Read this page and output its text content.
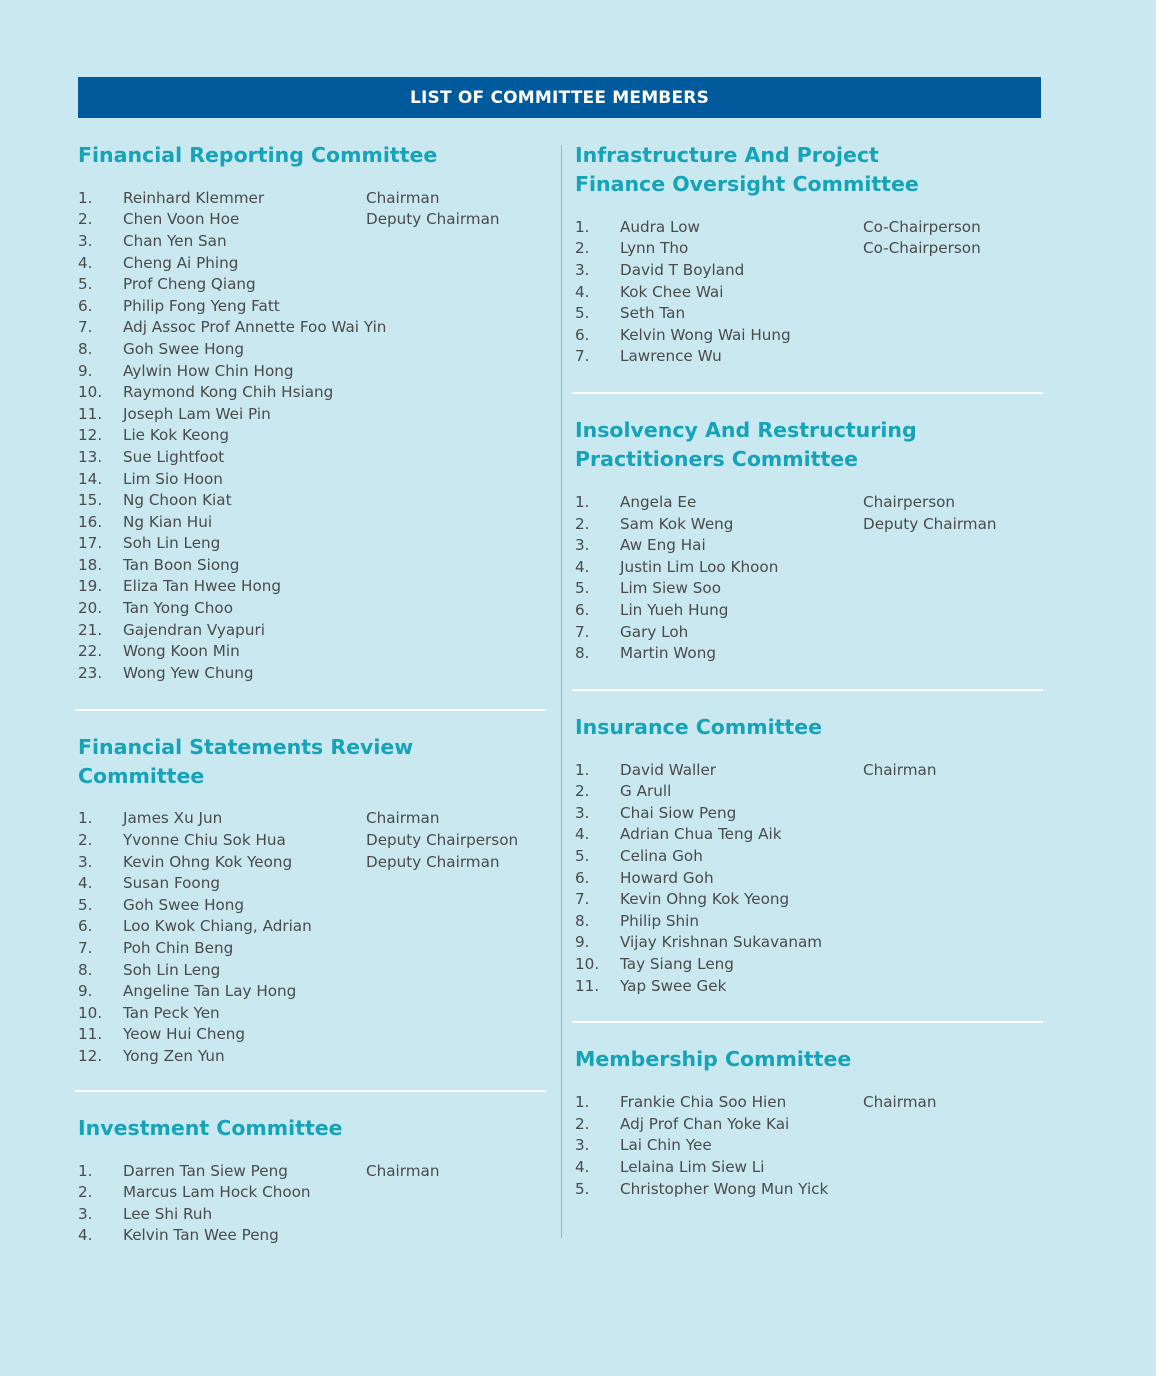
LIST OF COMMITTEE MEMBERS
Financial Reporting Committee
1.	Reinhard Klemmer	Chairman
2.	Chen Voon Hoe	Deputy Chairman
3.	Chan Yen San
4.	Cheng Ai Phing
5.	Prof Cheng Qiang
6.	Philip Fong Yeng Fatt
7.	Adj Assoc Prof Annette Foo Wai Yin
8.	Goh Swee Hong
9.	Aylwin How Chin Hong
10.	Raymond Kong Chih Hsiang
11.	Joseph Lam Wei Pin
12.	Lie Kok Keong
13.	Sue Lightfoot
14.	Lim Sio Hoon
15.	Ng Choon Kiat
16.	Ng Kian Hui
17.	Soh Lin Leng
18.	Tan Boon Siong
19.	Eliza Tan Hwee Hong
20.	Tan Yong Choo
21.	Gajendran Vyapuri
22.	Wong Koon Min
23.	Wong Yew Chung
Financial Statements Review Committee
1.	James Xu Jun	Chairman
2.	Yvonne Chiu Sok Hua	Deputy Chairperson
3.	Kevin Ohng Kok Yeong	Deputy Chairman
4.	Susan Foong
5.	Goh Swee Hong
6.	Loo Kwok Chiang, Adrian
7.	Poh Chin Beng
8.	Soh Lin Leng
9.	Angeline Tan Lay Hong
10.	Tan Peck Yen
11.	Yeow Hui Cheng
12.	Yong Zen Yun
Investment Committee
1.	Darren Tan Siew Peng	Chairman
2.	Marcus Lam Hock Choon
3.	Lee Shi Ruh
4.	Kelvin Tan Wee Peng
Infrastructure And Project Finance Oversight Committee
1.	Audra Low	Co-Chairperson
2.	Lynn Tho	Co-Chairperson
3.	David T Boyland
4.	Kok Chee Wai
5.	Seth Tan
6.	Kelvin Wong Wai Hung
7.	Lawrence Wu
Insolvency And Restructuring Practitioners Committee
1.	Angela Ee	Chairperson
2.	Sam Kok Weng	Deputy Chairman
3.	Aw Eng Hai
4.	Justin Lim Loo Khoon
5.	Lim Siew Soo
6.	Lin Yueh Hung
7.	Gary Loh
8.	Martin Wong
Insurance Committee
1.	David Waller	Chairman
2.	G Arull
3.	Chai Siow Peng
4.	Adrian Chua Teng Aik
5.	Celina Goh
6.	Howard Goh
7.	Kevin Ohng Kok Yeong
8.	Philip Shin
9.	Vijay Krishnan Sukavanam
10.	Tay Siang Leng
11.	Yap Swee Gek
Membership Committee
1.	Frankie Chia Soo Hien	Chairman
2.	Adj Prof Chan Yoke Kai
3.	Lai Chin Yee
4.	Lelaina Lim Siew Li
5.	Christopher Wong Mun Yick
